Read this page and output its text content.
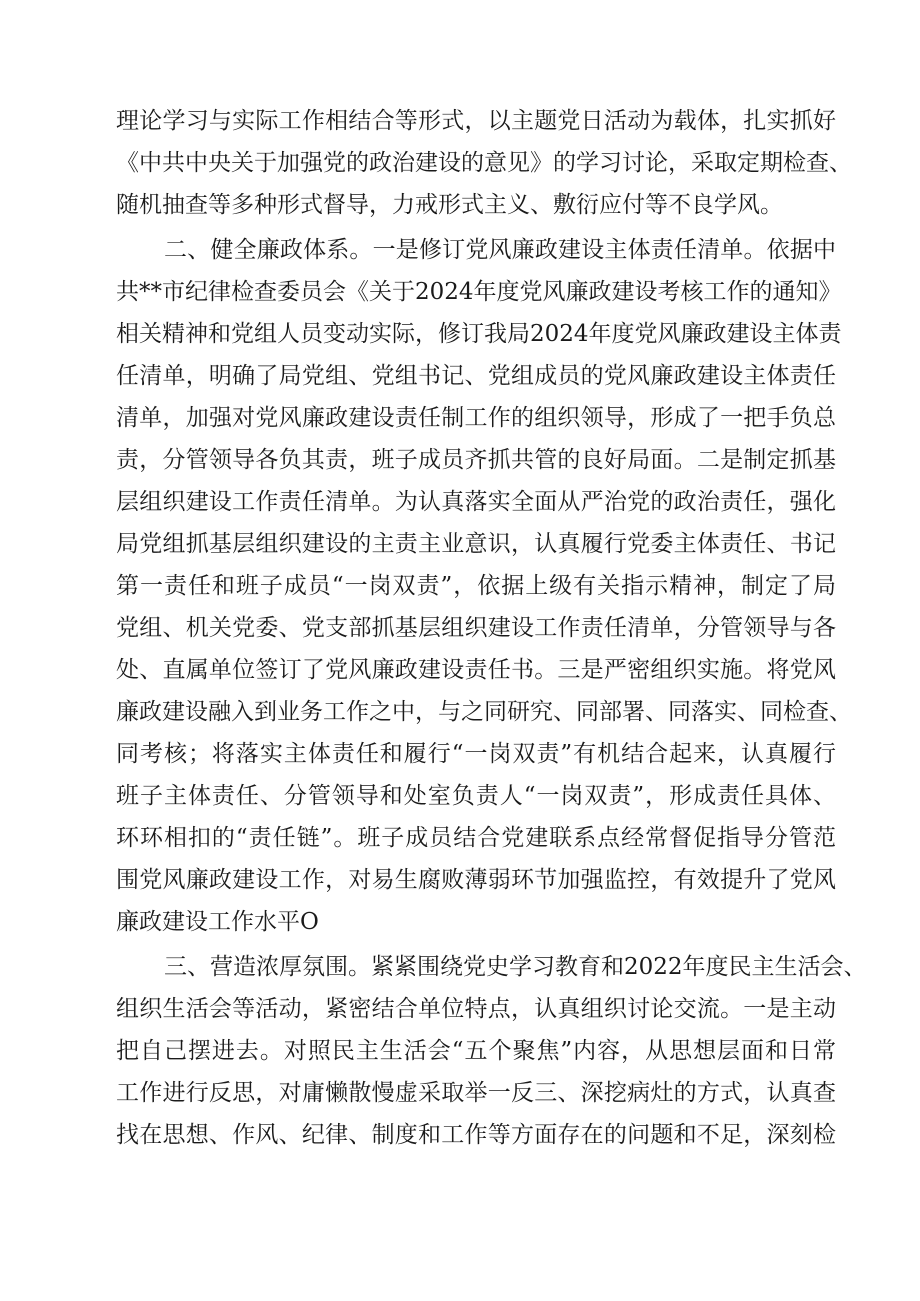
理论学习与实际工作相结合等形式，以主题党日活动为载体，扎实抓好
《中共中央关于加强党的政治建设的意见》的学习讨论，采取定期检查、
随机抽查等多种形式督导，力戒形式主义、敷衍应付等不良学风。
二、健全廉政体系。一是修订党风廉政建设主体责任清单。依据中
共**市纪律检查委员会《关于2024年度党风廉政建设考核工作的通知》
相关精神和党组人员变动实际，修订我局2024年度党风廉政建设主体责
任清单，明确了局党组、党组书记、党组成员的党风廉政建设主体责任
清单，加强对党风廉政建设责任制工作的组织领导，形成了一把手负总
责，分管领导各负其责，班子成员齐抓共管的良好局面。二是制定抓基
层组织建设工作责任清单。为认真落实全面从严治党的政治责任，强化
局党组抓基层组织建设的主责主业意识，认真履行党委主体责任、书记
第一责任和班子成员“一岗双责”，依据上级有关指示精神，制定了局
党组、机关党委、党支部抓基层组织建设工作责任清单，分管领导与各
处、直属单位签订了党风廉政建设责任书。三是严密组织实施。将党风
廉政建设融入到业务工作之中，与之同研究、同部署、同落实、同检查、
同考核；将落实主体责任和履行“一岗双责”有机结合起来，认真履行
班子主体责任、分管领导和处室负责人“一岗双责”，形成责任具体、
环环相扣的“责任链”。班子成员结合党建联系点经常督促指导分管范
围党风廉政建设工作，对易生腐败薄弱环节加强监控，有效提升了党风
廉政建设工作水平O
三、营造浓厚氛围。紧紧围绕党史学习教育和2022年度民主生活会、
组织生活会等活动，紧密结合单位特点，认真组织讨论交流。一是主动
把自己摆进去。对照民主生活会“五个聚焦”内容，从思想层面和日常
工作进行反思，对庸懒散慢虚采取举一反三、深挖病灶的方式，认真查
找在思想、作风、纪律、制度和工作等方面存在的问题和不足，深刻检
